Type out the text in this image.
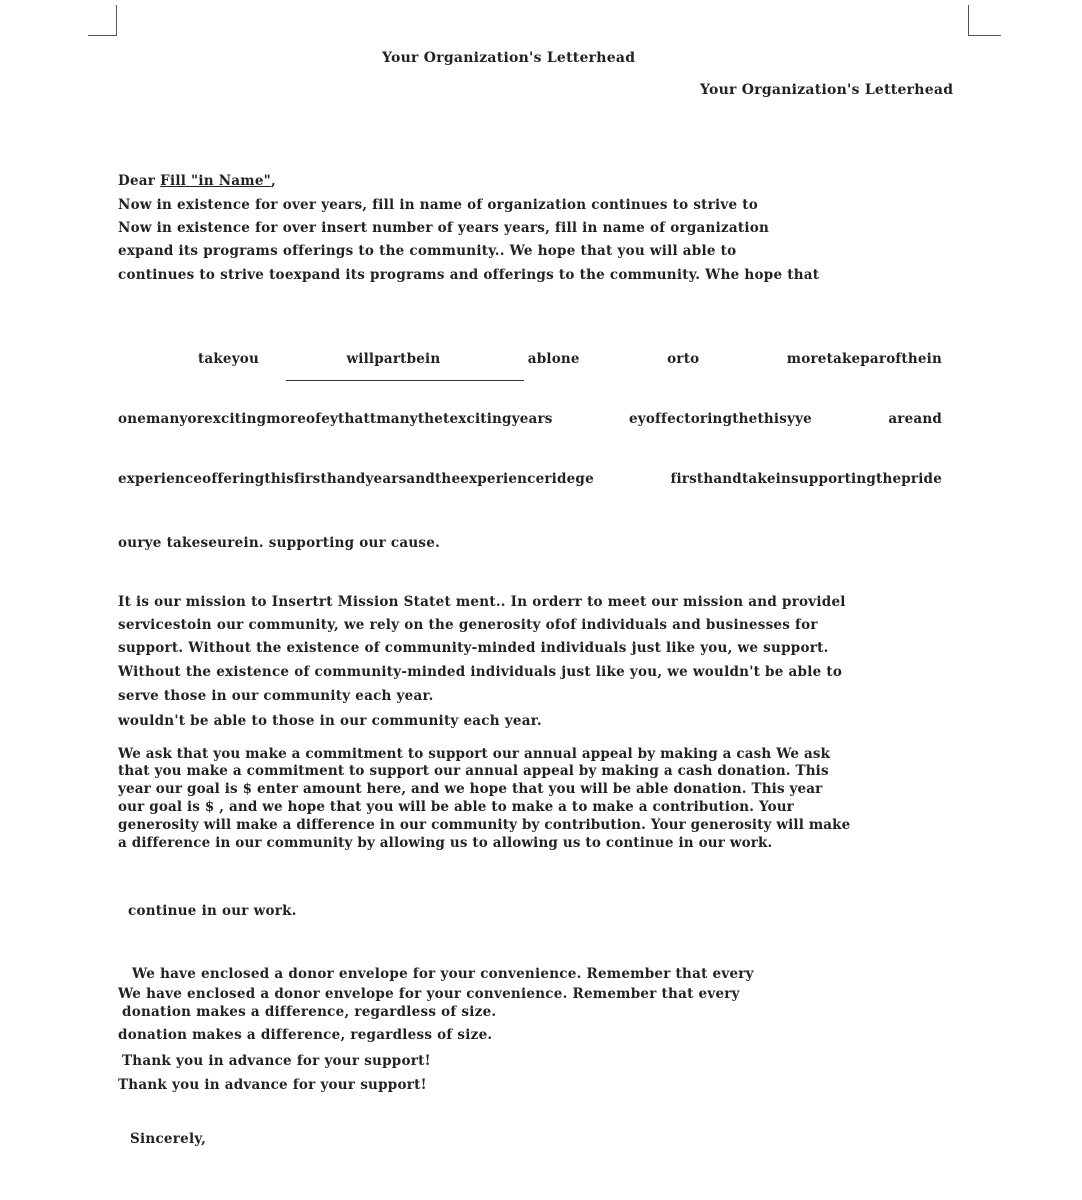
Your Organization's Letterhead
Your Organization's Letterhead
Dear Fill "in Name",
Now in existence for over years, fill in name of organization continues to strive to
Now in existence for over insert number of years years, fill in name of organization
expand its programs offerings to the community.. We hope that you will able to
continues to strive toexpand its programs and offerings to the community. Whe hope that
takeyou	willpartbein	ablone	orto	moretakeparofthein
onemanyorexcitingmoreofeythattmanythetexcitingyears	eyoffectoringthethisyye	areand
experienceofferingthisfirsthandyearsandtheexperienceridege	firsthandtakeinsupportingthepride
ourye takeseurein. supporting our cause.
It is our mission to Insertrt Mission Statet ment.. In orderr to meet our mission and providel
servicestoin our community, we rely on the generosity ofof individuals and businesses for
support. Without the existence of community-minded individuals just like you, we support.
Without the existence of community-minded individuals just like you, we wouldn't be able to
serve those in our community each year.
wouldn't be able to those in our community each year.
We ask that you make a commitment to support our annual appeal by making a cash We ask
that you make a commitment to support our annual appeal by making a cash donation. This
year our goal is $ enter amount here, and we hope that you will be able donation. This year
our goal is $ , and we hope that you will be able to make a to make a contribution. Your
generosity will make a difference in our community by contribution. Your generosity will make
a difference in our community by allowing us to allowing us to continue in our work.
continue in our work.
We have enclosed a donor envelope for your convenience. Remember that every
We have enclosed a donor envelope for your convenience. Remember that every
donation makes a difference, regardless of size.
donation makes a difference, regardless of size.
Thank you in advance for your support!
Thank you in advance for your support!
Sincerely,
